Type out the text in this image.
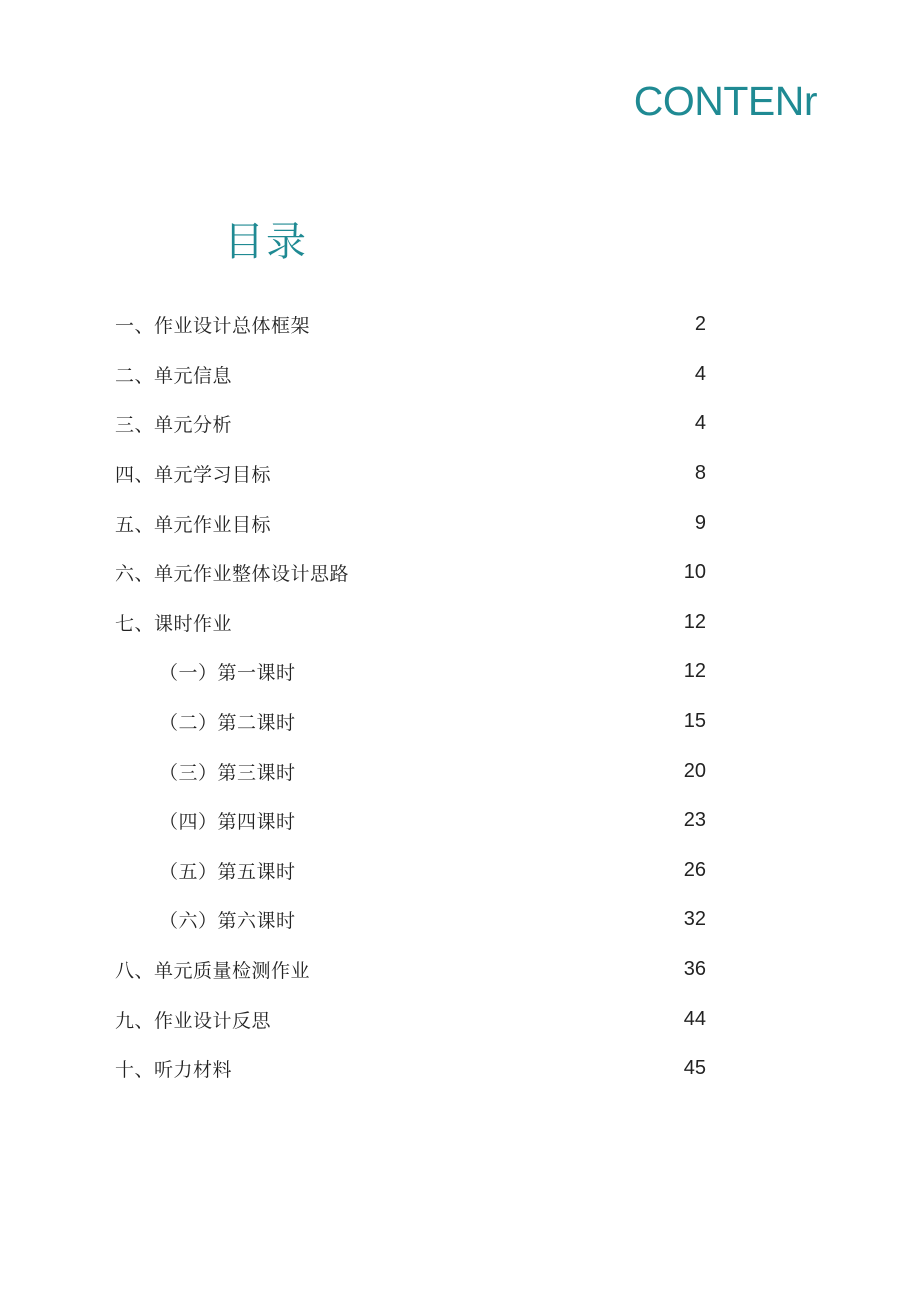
CONTENr
目录
一、作业设计总体框架	2
二、单元信息	4
三、单元分析	4
四、单元学习目标	8
五、单元作业目标	9
六、单元作业整体设计思路	10
七、课时作业	12
（一）第一课时	12
（二）第二课时	15
（三）第三课时	20
（四）第四课时	23
（五）第五课时	26
（六）第六课时	32
八、单元质量检测作业	36
九、作业设计反思	44
十、听力材料	45
